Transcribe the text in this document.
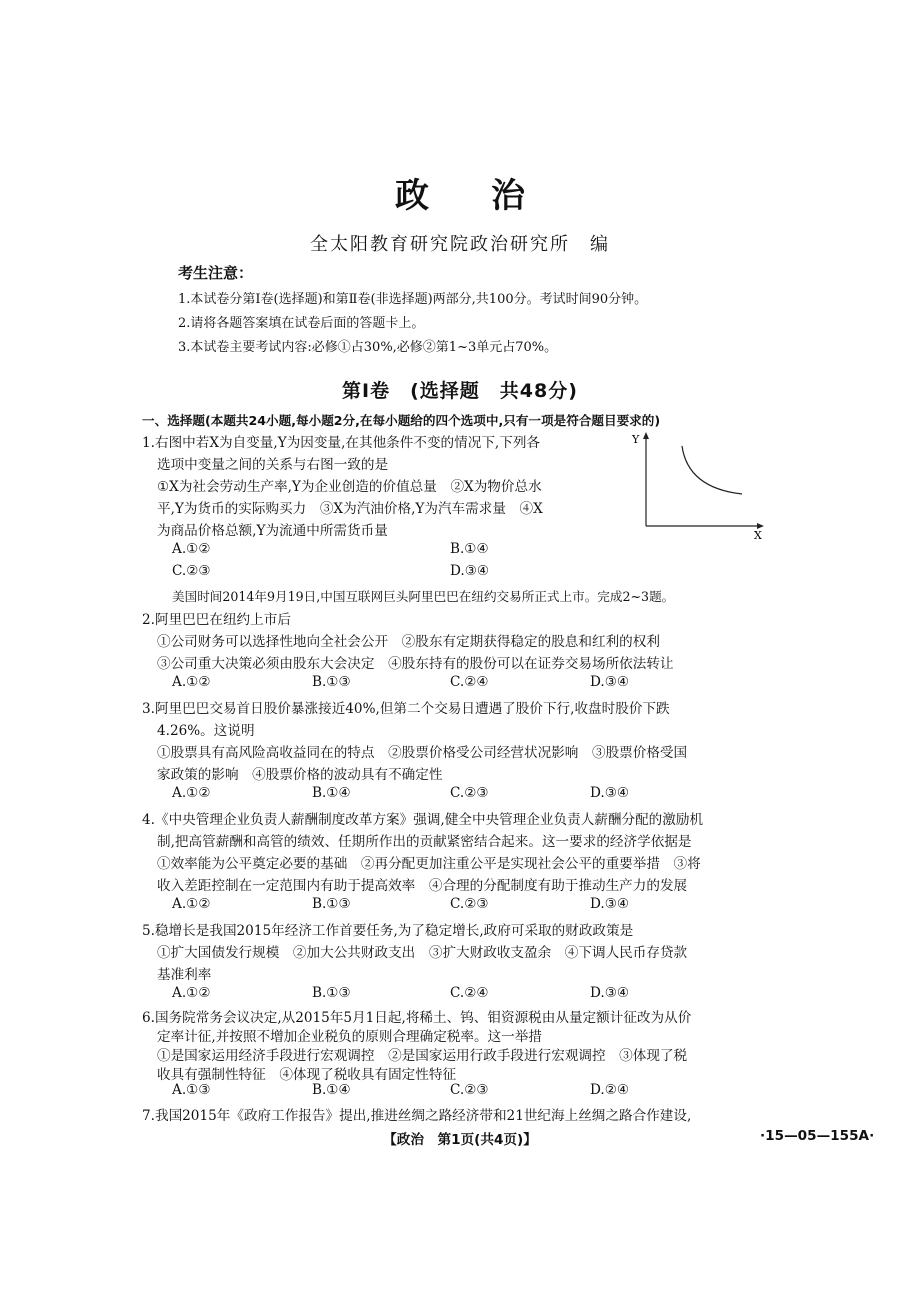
政治
全太阳教育研究院政治研究所　编
考生注意：
1.本试卷分第Ⅰ卷(选择题)和第Ⅱ卷(非选择题)两部分,共100分。考试时间90分钟。
2.请将各题答案填在试卷后面的答题卡上。
3.本试卷主要考试内容:必修①占30%,必修②第1~3单元占70%。
第Ⅰ卷　(选择题　共48分)
一、选择题(本题共24小题,每小题2分,在每小题给的四个选项中,只有一项是符合题目要求的)
Y
X
1.右图中若X为自变量,Y为因变量,在其他条件不变的情况下,下列各
选项中变量之间的关系与右图一致的是
①X为社会劳动生产率,Y为企业创造的价值总量　②X为物价总水
平,Y为货币的实际购买力　③X为汽油价格,Y为汽车需求量　④X
为商品价格总额,Y为流通中所需货币量
A.①②	B.①④
C.②③	D.③④
美国时间2014年9月19日,中国互联网巨头阿里巴巴在纽约交易所正式上市。完成2~3题。
2.阿里巴巴在纽约上市后
①公司财务可以选择性地向全社会公开　②股东有定期获得稳定的股息和红利的权利
③公司重大决策必须由股东大会决定　④股东持有的股份可以在证券交易场所依法转让
A.①②	B.①③	C.②④	D.③④
3.阿里巴巴交易首日股价暴涨接近40%,但第二个交易日遭遇了股价下行,收盘时股价下跌
4.26%。这说明
①股票具有高风险高收益同在的特点　②股票价格受公司经营状况影响　③股票价格受国
家政策的影响　④股票价格的波动具有不确定性
A.①②	B.①④	C.②③	D.③④
4.《中央管理企业负责人薪酬制度改革方案》强调,健全中央管理企业负责人薪酬分配的激励机
制,把高管薪酬和高管的绩效、任期所作出的贡献紧密结合起来。这一要求的经济学依据是
①效率能为公平奠定必要的基础　②再分配更加注重公平是实现社会公平的重要举措　③将
收入差距控制在一定范围内有助于提高效率　④合理的分配制度有助于推动生产力的发展
A.①②	B.①③	C.②③	D.③④
5.稳增长是我国2015年经济工作首要任务,为了稳定增长,政府可采取的财政政策是
①扩大国债发行规模　②加大公共财政支出　③扩大财政收支盈余　④下调人民币存贷款
基准利率
A.①②	B.①③	C.②④	D.③④
6.国务院常务会议决定,从2015年5月1日起,将稀土、钨、钼资源税由从量定额计征改为从价
定率计征,并按照不增加企业税负的原则合理确定税率。这一举措
①是国家运用经济手段进行宏观调控　②是国家运用行政手段进行宏观调控　③体现了税
收具有强制性特征　④体现了税收具有固定性特征
【政治　第1页(共4页)】	·15—05—155A·
A.①③	B.①④	C.②③	D.②④
7.我国2015年《政府工作报告》提出,推进丝绸之路经济带和21世纪海上丝绸之路合作建设,
